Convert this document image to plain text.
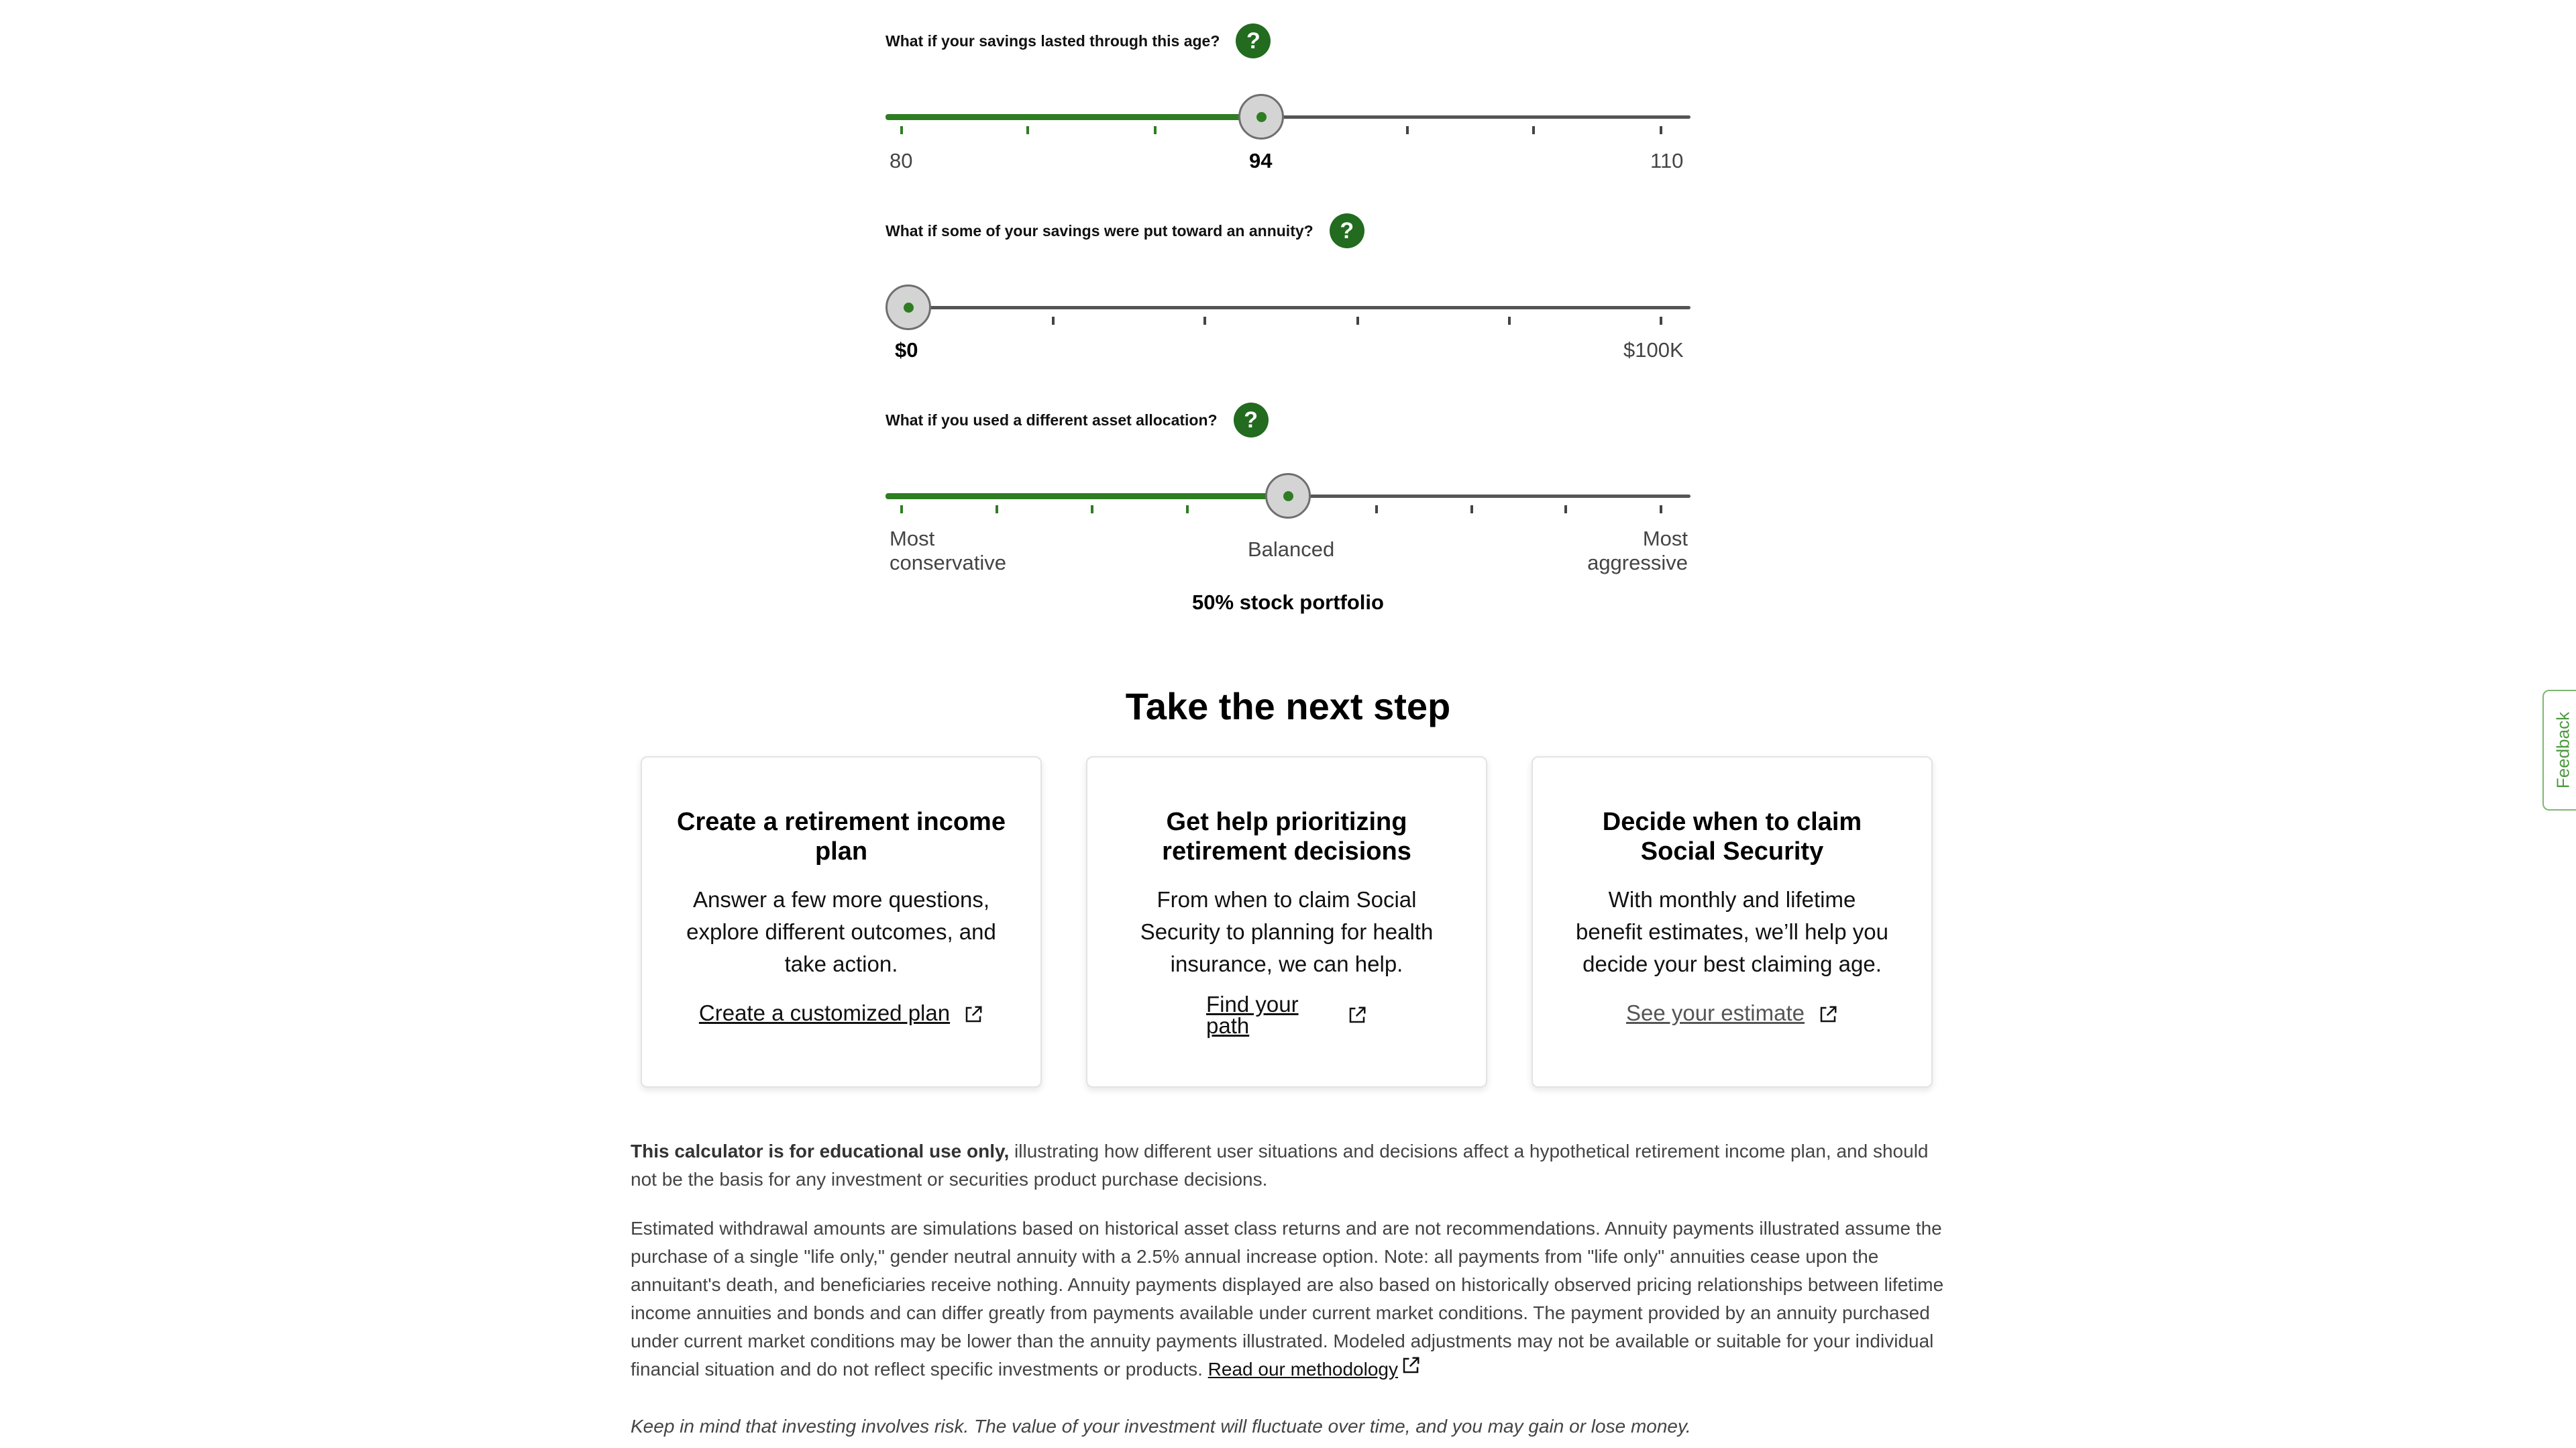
What if your savings lasted through this age?	?
80	94	110
What if some of your savings were put toward an annuity?	?
$0	$100K
What if you used a different asset allocation?	?
Most
conservative
Balanced	Most
aggressive
50% stock portfolio
Take the next step
Create a retirement income plan

Answer a few more questions, explore different outcomes, and take action.

Create a customized plan
Get help prioritizing retirement decisions

From when to claim Social Security to planning for health insurance, we can help.

Find your
path
Decide when to claim Social Security

With monthly and lifetime benefit estimates, we’ll help you decide your best claiming age.

See your estimate
This calculator is for educational use only, illustrating how different user situations and decisions affect a hypothetical retirement income plan, and should not be the basis for any investment or securities product purchase decisions.
Estimated withdrawal amounts are simulations based on historical asset class returns and are not recommendations. Annuity payments illustrated assume the purchase of a single "life only," gender neutral annuity with a 2.5% annual increase option. Note: all payments from "life only" annuities cease upon the annuitant's death, and beneficiaries receive nothing. Annuity payments displayed are also based on historically observed pricing relationships between lifetime income annuities and bonds and can differ greatly from payments available under current market conditions. The payment provided by an annuity purchased under current market conditions may be lower than the annuity payments illustrated. Modeled adjustments may not be available or suitable for your individual financial situation and do not reflect specific investments or products. Read our methodology
Keep in mind that investing involves risk. The value of your investment will fluctuate over time, and you may gain or lose money.
Feedback
